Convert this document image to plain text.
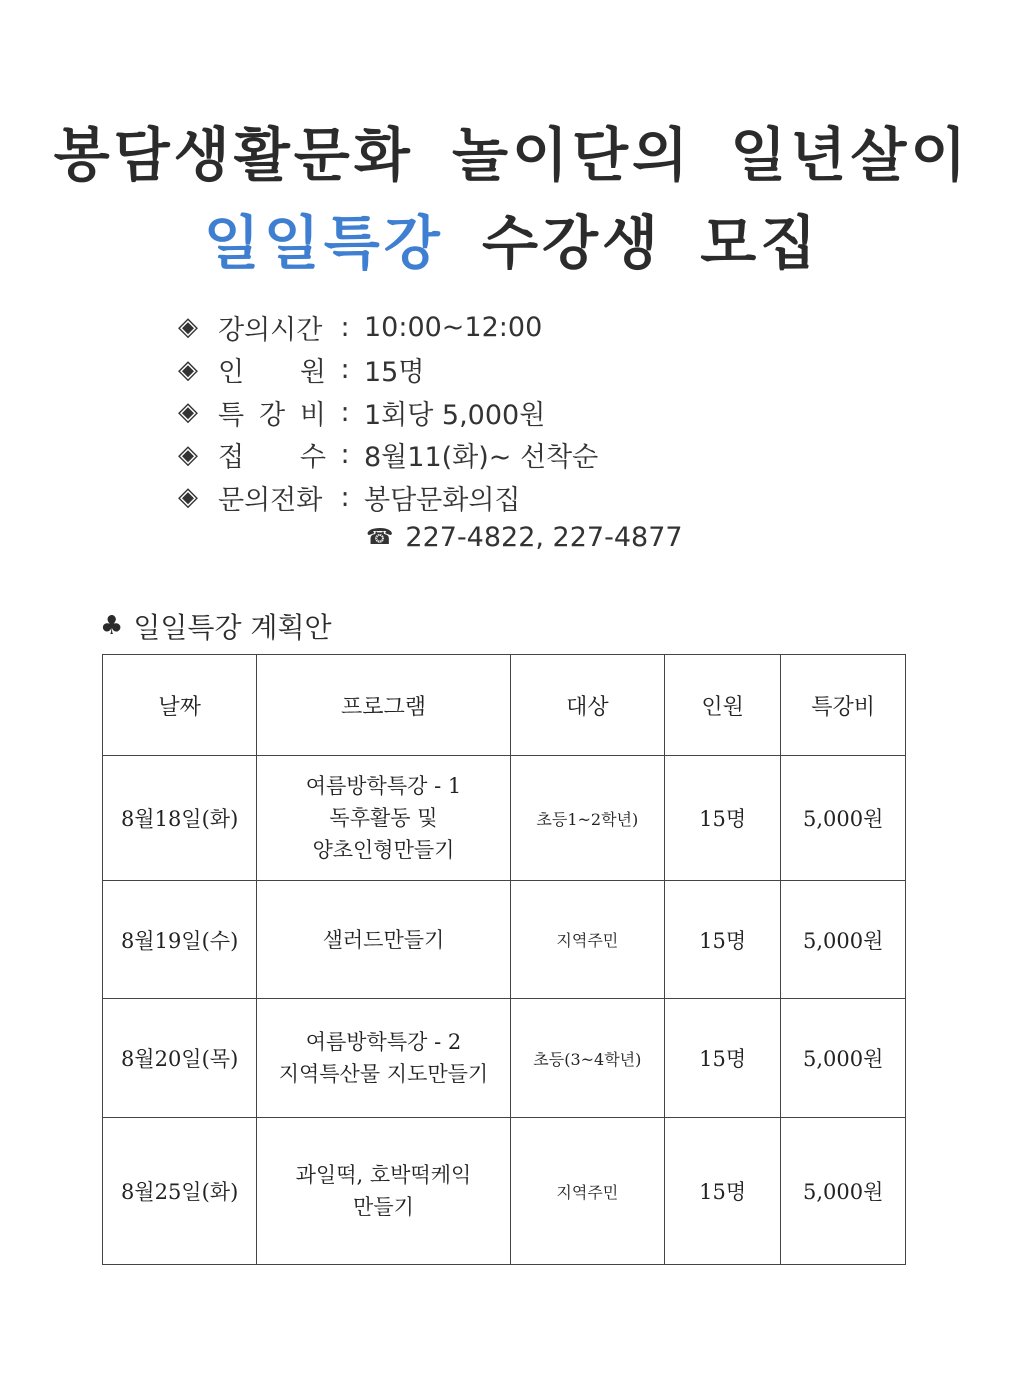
봉담생활문화 놀이단의 일년살이
일일특강 수강생 모집
◈ 강의시간 : 10:00~12:00
◈ 인 원 : 15명
◈ 특 강 비 : 1회당 5,000원
◈ 접 수 : 8월11(화)~ 선착순
◈ 문의전화 : 봉담문화의집
☎ 227-4822, 227-4877
♣ 일일특강 계획안
날짜	프로그램	대상	인원	특강비
8월18일(화)	여름방학특강 - 1
독후활동 및
양초인형만들기	초등1~2학년)	15명	5,000원
8월19일(수)	샐러드만들기	지역주민	15명	5,000원
8월20일(목)	여름방학특강 - 2
지역특산물 지도만들기	초등(3~4학년)	15명	5,000원
8월25일(화)	과일떡, 호박떡케익
만들기	지역주민	15명	5,000원
